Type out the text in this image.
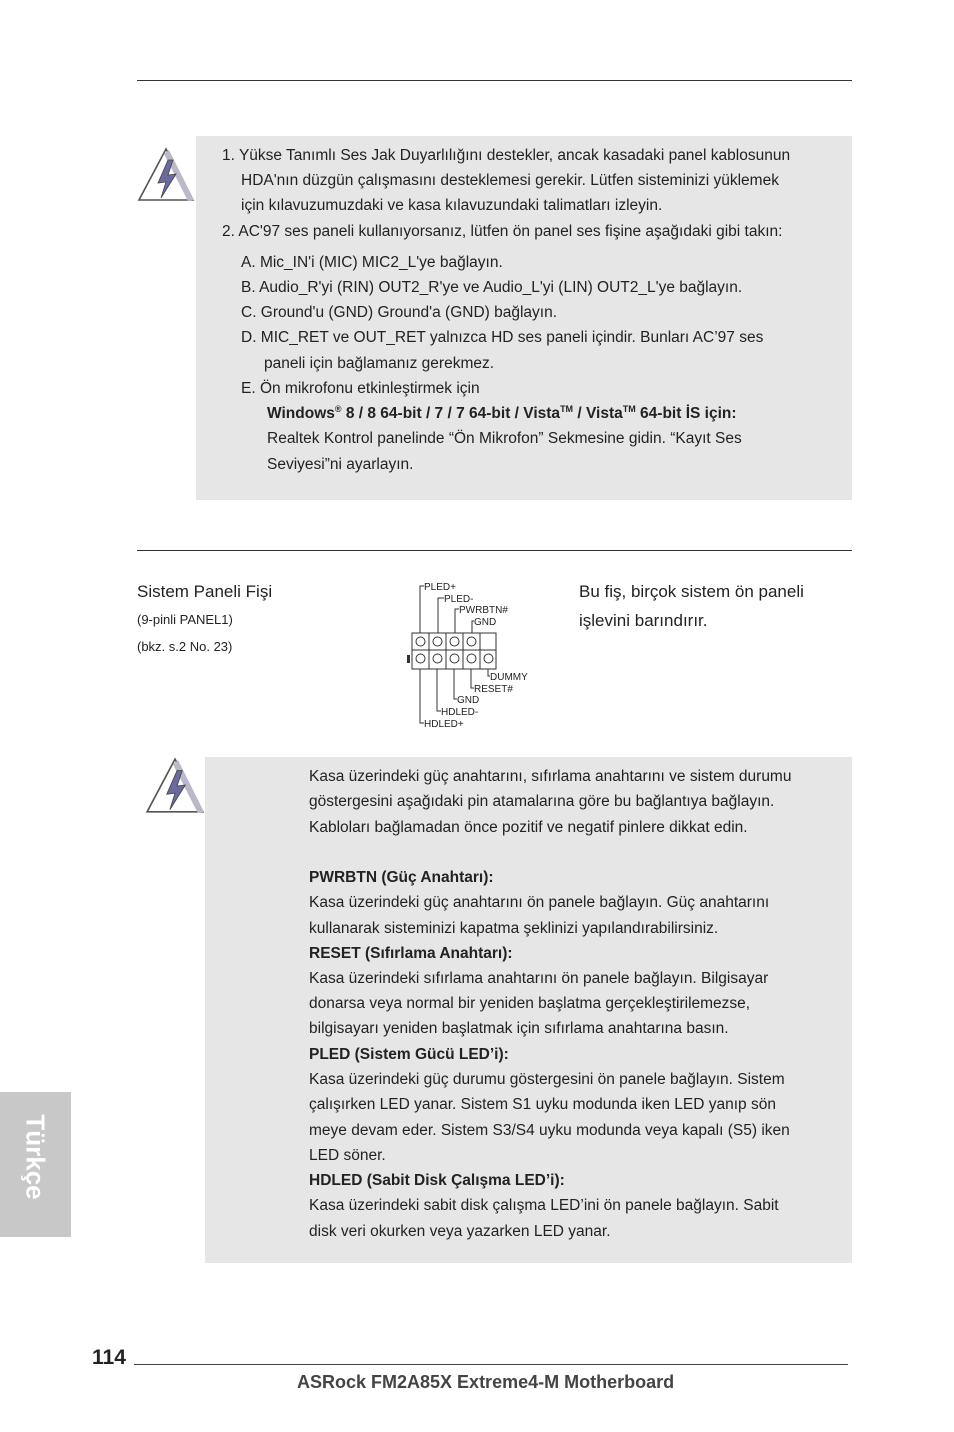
1. Yükse Tanımlı Ses Jak Duyarlılığını destekler, ancak kasadaki panel kablosunun
HDA'nın düzgün çalışmasını desteklemesi gerekir. Lütfen sisteminizi yüklemek
için kılavuzumuzdaki ve kasa kılavuzundaki talimatları izleyin.
2. AC'97 ses paneli kullanıyorsanız, lütfen ön panel ses fişine aşağıdaki gibi takın:
A. Mic_IN'i (MIC) MIC2_L'ye bağlayın.
B. Audio_R'yi (RIN) OUT2_R'ye ve Audio_L'yi (LIN) OUT2_L'ye bağlayın.
C. Ground'u (GND) Ground'a (GND) bağlayın.
D. MIC_RET ve OUT_RET yalnızca HD ses paneli içindir. Bunları AC’97 ses
paneli için bağlamanız gerekmez.
E. Ön mikrofonu etkinleştirmek için
Windows® 8 / 8 64-bit / 7 / 7 64-bit / Vista™ / Vista™ 64-bit İS için:
Realtek Kontrol panelinde “Ön Mikrofon” Sekmesine gidin. “Kayıt Ses
Seviyesi”ni ayarlayın.
Sistem Paneli Fişi
(9-pinli PANEL1)
(bkz. s.2 No. 23)
Bu fiş, birçok sistem ön paneli
işlevini barındırır.
PLED+
PLED-
PWRBTN#
GND
DUMMY
RESET#
GND
HDLED-
HDLED+
Kasa üzerindeki güç anahtarını, sıfırlama anahtarını ve sistem durumu
göstergesini aşağıdaki pin atamalarına göre bu bağlantıya bağlayın.
Kabloları bağlamadan önce pozitif ve negatif pinlere dikkat edin.
PWRBTN (Güç Anahtarı):
Kasa üzerindeki güç anahtarını ön panele bağlayın. Güç anahtarını
kullanarak sisteminizi kapatma şeklinizi yapılandırabilirsiniz.
RESET (Sıfırlama Anahtarı):
Kasa üzerindeki sıfırlama anahtarını ön panele bağlayın. Bilgisayar
donarsa veya normal bir yeniden başlatma gerçekleştirilemezse,
bilgisayarı yeniden başlatmak için sıfırlama anahtarına basın.
PLED (Sistem Gücü LED’i):
Kasa üzerindeki güç durumu göstergesini ön panele bağlayın. Sistem
çalışırken LED yanar. Sistem S1 uyku modunda iken LED yanıp sön
meye devam eder. Sistem S3/S4 uyku modunda veya kapalı (S5) iken
LED söner.
HDLED (Sabit Disk Çalışma LED’i):
Kasa üzerindeki sabit disk çalışma LED’ini ön panele bağlayın. Sabit
disk veri okurken veya yazarken LED yanar.
Türkçe
114
ASRock FM2A85X Extreme4-M Motherboard
